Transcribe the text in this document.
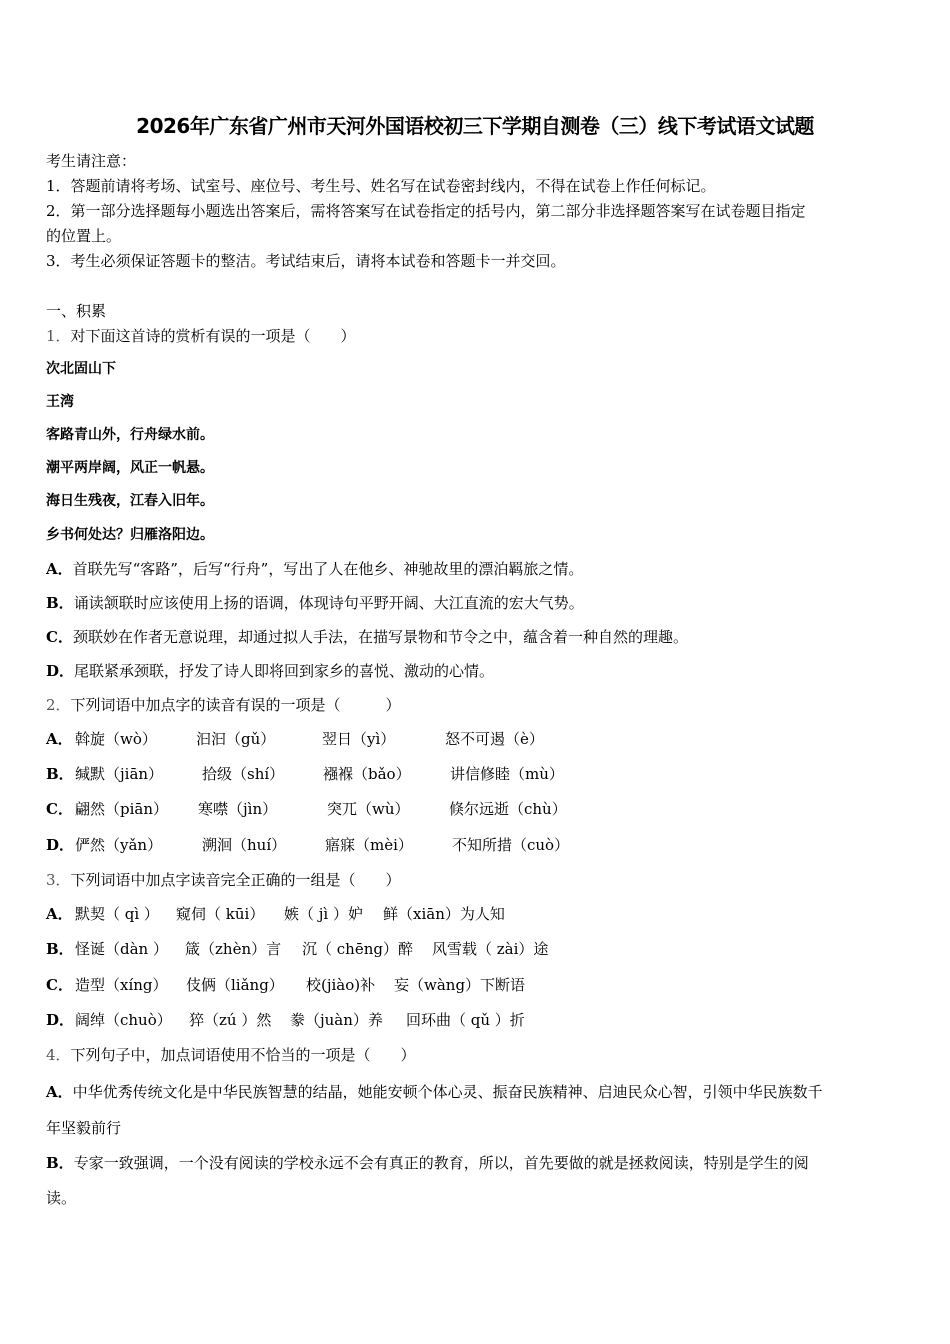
2026年广东省广州市天河外国语校初三下学期自测卷（三）线下考试语文试题
考生请注意：
1．答题前请将考场、试室号、座位号、考生号、姓名写在试卷密封线内，不得在试卷上作任何标记。
2．第一部分选择题每小题选出答案后，需将答案写在试卷指定的括号内，第二部分非选择题答案写在试卷题目指定
的位置上。
3．考生必须保证答题卡的整洁。考试结束后，请将本试卷和答题卡一并交回。
一、积累
1．对下面这首诗的赏析有误的一项是（　　）
次北固山下
王湾
客路青山外，行舟绿水前。
潮平两岸阔，风正一帆悬。
海日生残夜，江春入旧年。
乡书何处达？归雁洛阳边。
A．首联先写“客路”，后写“行舟”，写出了人在他乡、神驰故里的漂泊羁旅之情。
B．诵读颔联时应该使用上扬的语调，体现诗句平野开阔、大江直流的宏大气势。
C．颈联妙在作者无意说理，却通过拟人手法，在描写景物和节令之中，蕴含着一种自然的理趣。
D．尾联紧承颈联，抒发了诗人即将回到家乡的喜悦、激动的心情。
2．下列词语中加点字的读音有误的一项是（　　　）
A． 斡旋（wò）	汩汩（gǔ）	翌日（yì）	怒不可遏（è）
B． 缄默（jiān）	拾级（shí）	襁褓（bǎo）	讲信修睦（mù）
C． 翩然（piān） 寒噤（jìn）	突兀（wù）	倏尔远逝（chù）
D． 俨然（yǎn）	溯洄（huí）	寤寐（mèi）	不知所措（cuò）
3．下列词语中加点字读音完全正确的一组是（　　）
A． 默契（ qì ） 窥伺（ kūi） 嫉（ jì ）妒 鲜（xiān）为人知
B． 怪诞（dàn ） 箴（zhèn）言 沉（ chēng）醉 风雪载（ zài）途
C． 造型（xíng） 伎俩（liǎng） 校(jiào)补 妄（wàng）下断语
D． 阔绰（chuò） 猝（zú ）然 豢（juàn）养 回环曲（ qǔ ）折
4．下列句子中，加点词语使用不恰当的一项是（　　）
A．中华优秀传统文化是中华民族智慧的结晶，她能安顿个体心灵、振奋民族精神、启迪民众心智，引领中华民族数千
年坚毅前行
B．专家一致强调，一个没有阅读的学校永远不会有真正的教育，所以，首先要做的就是拯救阅读，特别是学生的阅
读。
